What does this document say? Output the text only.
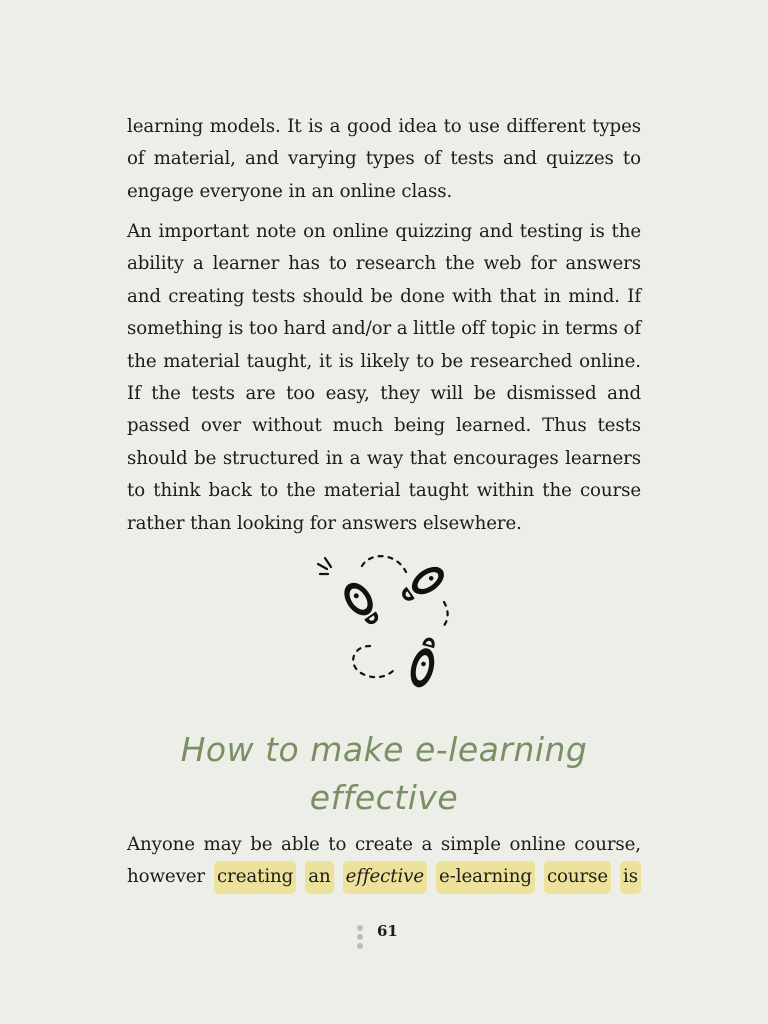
learning models. It is a good idea to use different types of material, and varying types of tests and quizzes to engage everyone in an online class.

An important note on online quizzing and testing is the ability a learner has to research the web for answers and creating tests should be done with that in mind. If something is too hard and/or a little off topic in terms of the material taught, it is likely to be researched online. If the tests are too easy, they will be dismissed and passed over without much being learned. Thus tests should be structured in a way that encourages learners to think back to the material taught within the course rather than looking for answers elsewhere.

How to make e-learning
effective
Anyone may be able to create a simple online course,
however creating an effective e-learning course is
61
